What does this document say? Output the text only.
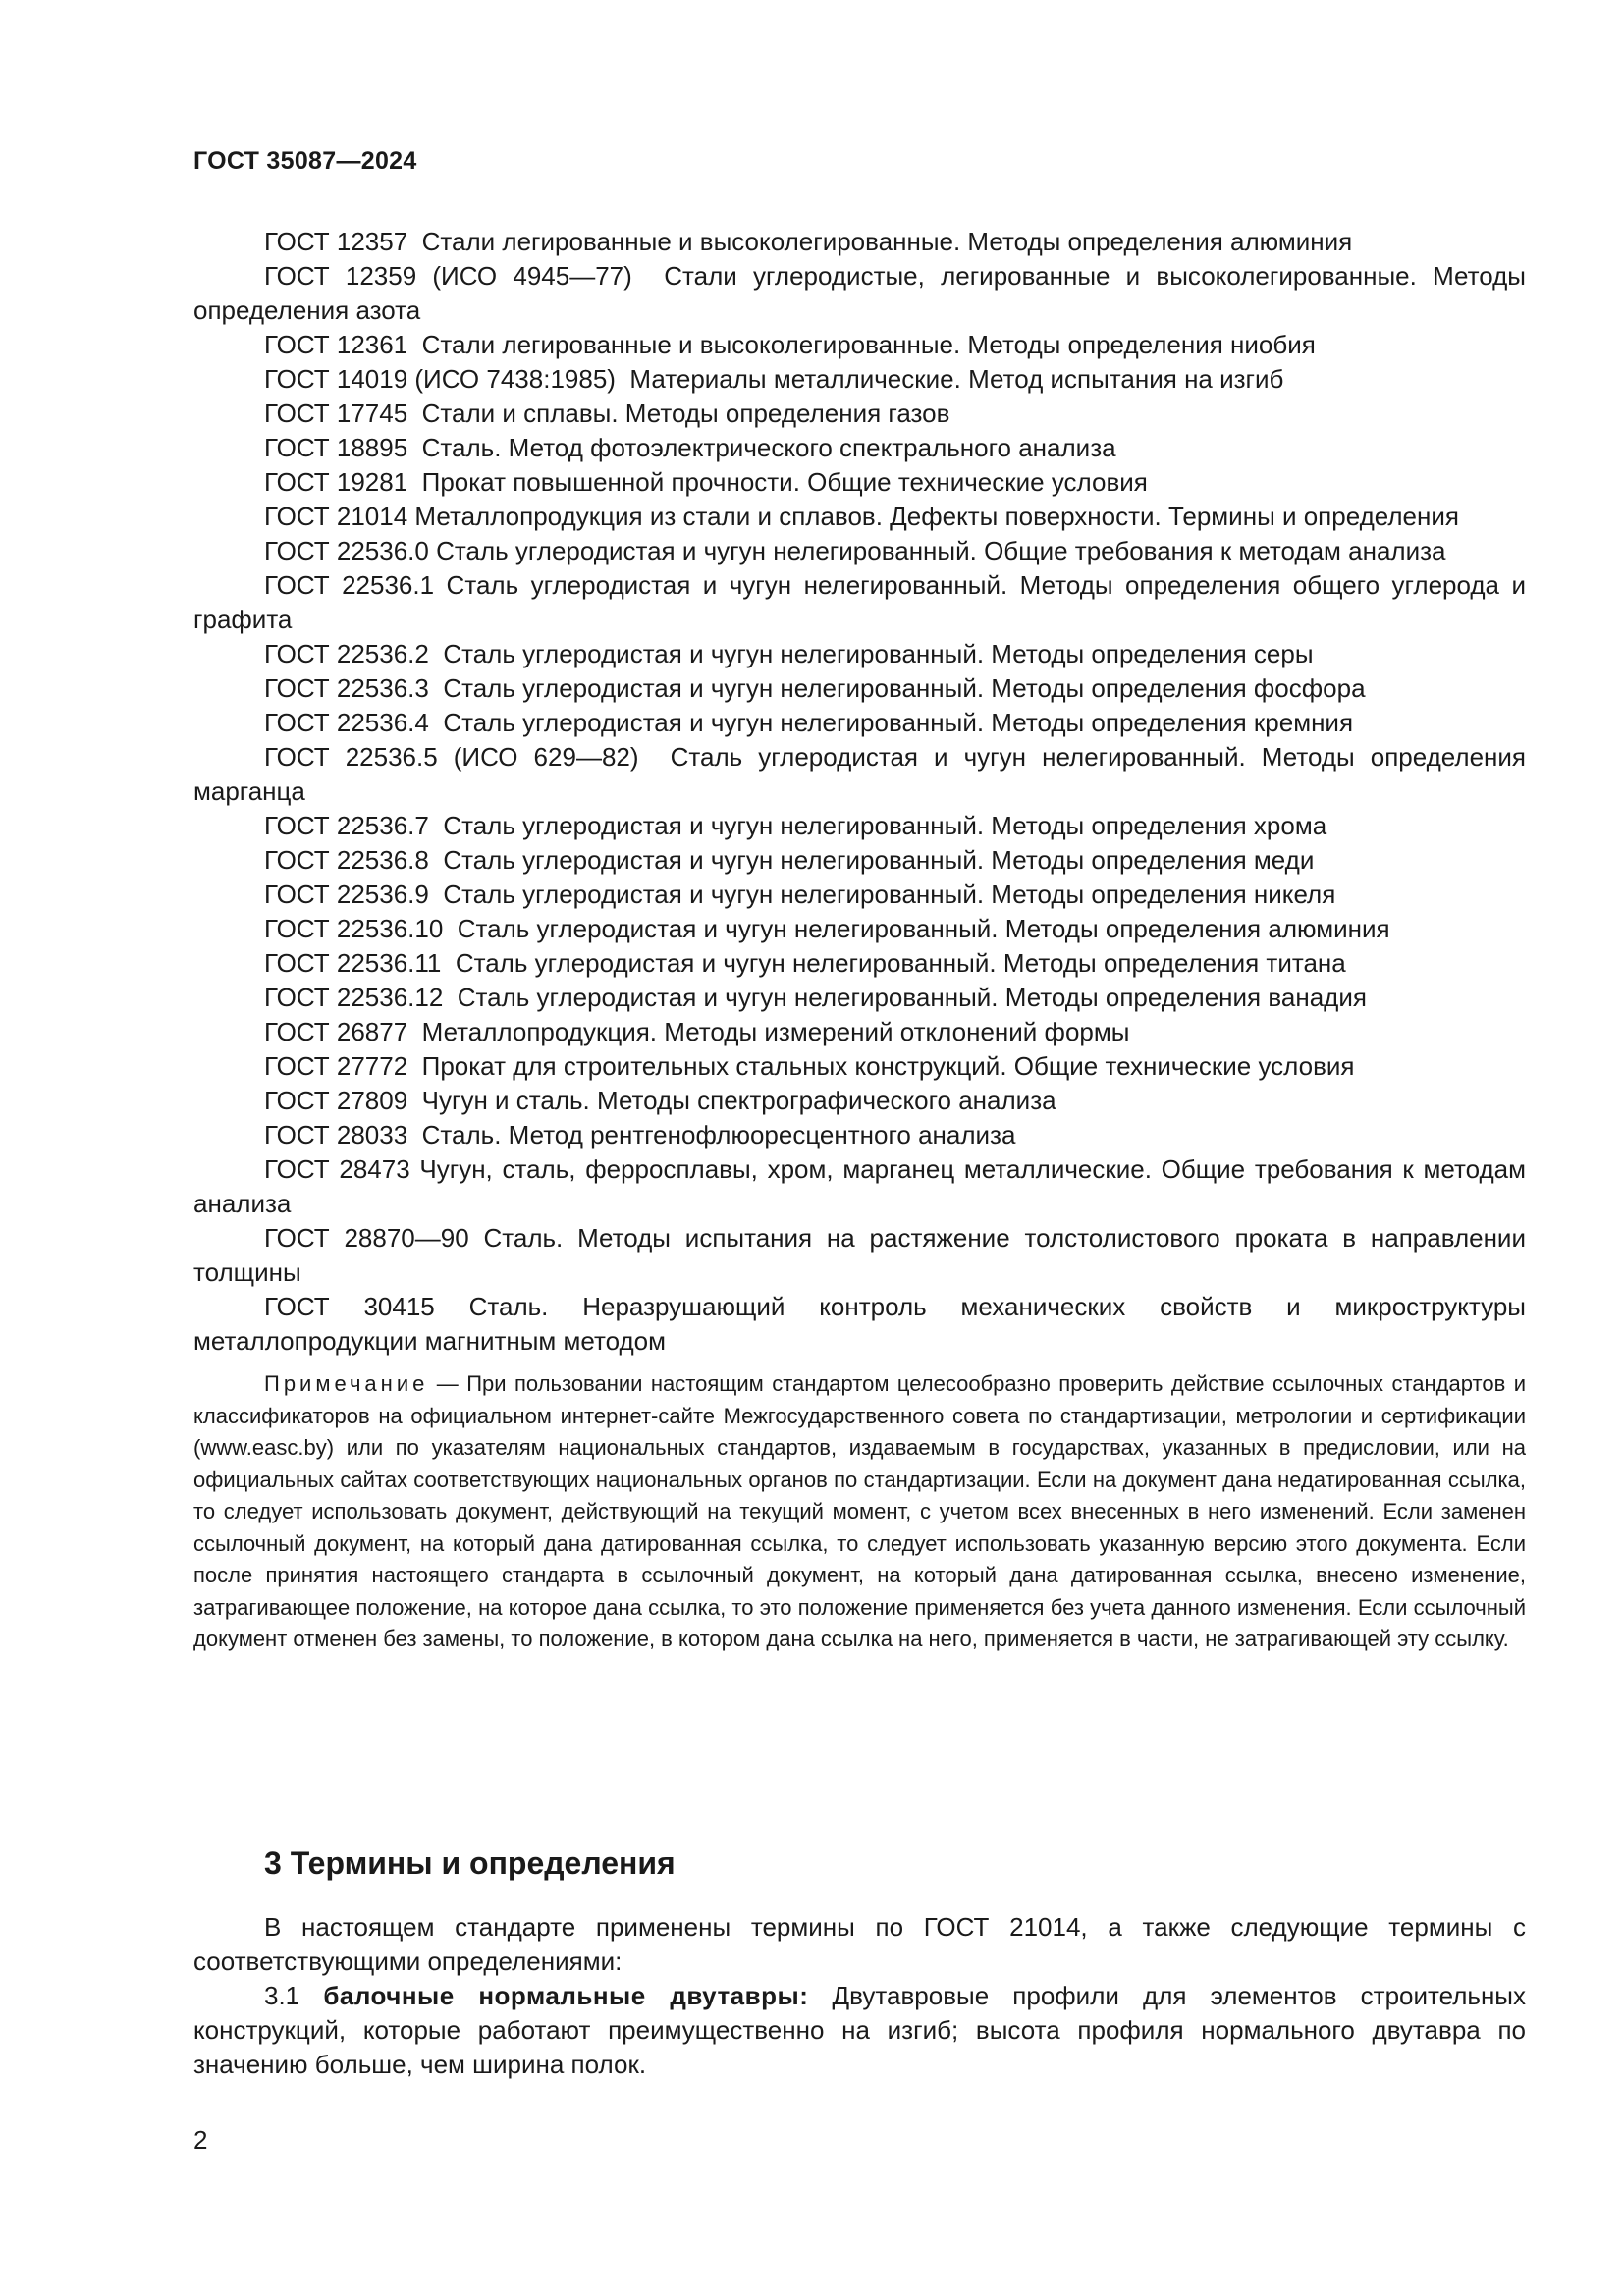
ГОСТ 35087—2024
ГОСТ 12357 Стали легированные и высоколегированные. Методы определения алюминия
ГОСТ 12359 (ИСО 4945—77) Стали углеродистые, легированные и высоколегированные. Методы определения азота
ГОСТ 12361 Стали легированные и высоколегированные. Методы определения ниобия
ГОСТ 14019 (ИСО 7438:1985) Материалы металлические. Метод испытания на изгиб
ГОСТ 17745 Стали и сплавы. Методы определения газов
ГОСТ 18895 Сталь. Метод фотоэлектрического спектрального анализа
ГОСТ 19281 Прокат повышенной прочности. Общие технические условия
ГОСТ 21014 Металлопродукция из стали и сплавов. Дефекты поверхности. Термины и определения
ГОСТ 22536.0 Сталь углеродистая и чугун нелегированный. Общие требования к методам анализа
ГОСТ 22536.1 Сталь углеродистая и чугун нелегированный. Методы определения общего углерода и графита
ГОСТ 22536.2 Сталь углеродистая и чугун нелегированный. Методы определения серы
ГОСТ 22536.3 Сталь углеродистая и чугун нелегированный. Методы определения фосфора
ГОСТ 22536.4 Сталь углеродистая и чугун нелегированный. Методы определения кремния
ГОСТ 22536.5 (ИСО 629—82) Сталь углеродистая и чугун нелегированный. Методы определения марганца
ГОСТ 22536.7 Сталь углеродистая и чугун нелегированный. Методы определения хрома
ГОСТ 22536.8 Сталь углеродистая и чугун нелегированный. Методы определения меди
ГОСТ 22536.9 Сталь углеродистая и чугун нелегированный. Методы определения никеля
ГОСТ 22536.10 Сталь углеродистая и чугун нелегированный. Методы определения алюминия
ГОСТ 22536.11 Сталь углеродистая и чугун нелегированный. Методы определения титана
ГОСТ 22536.12 Сталь углеродистая и чугун нелегированный. Методы определения ванадия
ГОСТ 26877 Металлопродукция. Методы измерений отклонений формы
ГОСТ 27772 Прокат для строительных стальных конструкций. Общие технические условия
ГОСТ 27809 Чугун и сталь. Методы спектрографического анализа
ГОСТ 28033 Сталь. Метод рентгенофлюоресцентного анализа
ГОСТ 28473 Чугун, сталь, ферросплавы, хром, марганец металлические. Общие требования к методам анализа
ГОСТ 28870—90 Сталь. Методы испытания на растяжение толстолистового проката в направлении толщины
ГОСТ 30415 Сталь. Неразрушающий контроль механических свойств и микроструктуры металлопродукции магнитным методом
Примечание — При пользовании настоящим стандартом целесообразно проверить действие ссылочных стандартов и классификаторов на официальном интернет-сайте Межгосударственного совета по стандартизации, метрологии и сертификации (www.easc.by) или по указателям национальных стандартов, издаваемым в государствах, указанных в предисловии, или на официальных сайтах соответствующих национальных органов по стандартизации. Если на документ дана недатированная ссылка, то следует использовать документ, действующий на текущий момент, с учетом всех внесенных в него изменений. Если заменен ссылочный документ, на который дана датированная ссылка, то следует использовать указанную версию этого документа. Если после принятия настоящего стандарта в ссылочный документ, на который дана датированная ссылка, внесено изменение, затрагивающее положение, на которое дана ссылка, то это положение применяется без учета данного изменения. Если ссылочный документ отменен без замены, то положение, в котором дана ссылка на него, применяется в части, не затрагивающей эту ссылку.
3 Термины и определения
В настоящем стандарте применены термины по ГОСТ 21014, а также следующие термины с соответствующими определениями:
3.1 балочные нормальные двутавры: Двутавровые профили для элементов строительных конструкций, которые работают преимущественно на изгиб; высота профиля нормального двутавра по значению больше, чем ширина полок.
2
